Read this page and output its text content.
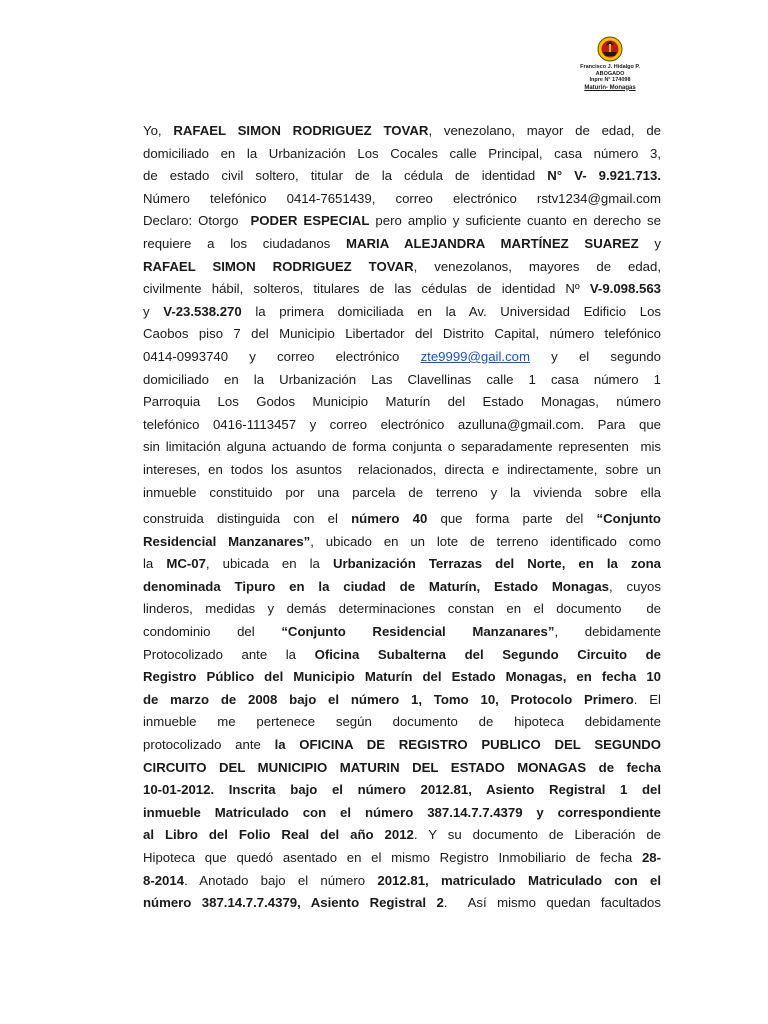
Francisco J. Hidalgo P.
ABOGADO
Inpre N° 174098
Maturín- Monagas
Yo, RAFAEL SIMON RODRIGUEZ TOVAR, venezolano, mayor de edad, de
domiciliado en la Urbanización Los Cocales calle Principal, casa número 3,
de estado civil soltero, titular de la cédula de identidad N° V- 9.921.713.
Número telefónico 0414-7651439, correo electrónico rstv1234@gmail.com
Declaro: Otorgo  PODER ESPECIAL pero amplio y suficiente cuanto en derecho se
requiere a los ciudadanos MARIA ALEJANDRA MARTÍNEZ SUAREZ y
RAFAEL SIMON RODRIGUEZ TOVAR, venezolanos, mayores de edad,
civilmente hábil, solteros, titulares de las cédulas de identidad Nº V-9.098.563
y V-23.538.270 la primera domiciliada en la Av. Universidad Edificio Los
Caobos piso 7 del Municipio Libertador del Distrito Capital, número telefónico
0414-0993740 y correo electrónico zte9999@gail.com y el segundo
domiciliado en la Urbanización Las Clavellinas calle 1 casa número 1
Parroquia Los Godos Municipio Maturín del Estado Monagas, número
telefónico 0416-1113457 y correo electrónico azulluna@gmail.com. Para que
sin limitación alguna actuando de forma conjunta o separadamente representen  mis
intereses, en todos los asuntos  relacionados, directa e indirectamente, sobre un
inmueble constituido por una parcela de terreno y la vivienda sobre ella
construida distinguida con el número 40 que forma parte del “Conjunto
Residencial Manzanares”, ubicado en un lote de terreno identificado como
la MC-07, ubicada en la Urbanización Terrazas del Norte, en la zona
denominada Tipuro en la ciudad de Maturín, Estado Monagas, cuyos
linderos, medidas y demás determinaciones constan en el documento  de
condominio del “Conjunto Residencial Manzanares”, debidamente
Protocolizado ante la Oficina Subalterna del Segundo Circuito de
Registro Público del Municipio Maturín del Estado Monagas, en fecha 10
de marzo de 2008 bajo el número 1, Tomo 10, Protocolo Primero. El
inmueble me pertenece según documento de hipoteca debidamente
protocolizado ante la OFICINA DE REGISTRO PUBLICO DEL SEGUNDO
CIRCUITO DEL MUNICIPIO MATURIN DEL ESTADO MONAGAS de fecha
10-01-2012. Inscrita bajo el número 2012.81, Asiento Registral 1 del
inmueble Matriculado con el número 387.14.7.7.4379 y correspondiente
al Libro del Folio Real del año 2012. Y su documento de Liberación de
Hipoteca que quedó asentado en el mismo Registro Inmobiliario de fecha 28-
8-2014. Anotado bajo el número 2012.81, matriculado Matriculado con el
número 387.14.7.7.4379, Asiento Registral 2.  Así mismo quedan facultados
